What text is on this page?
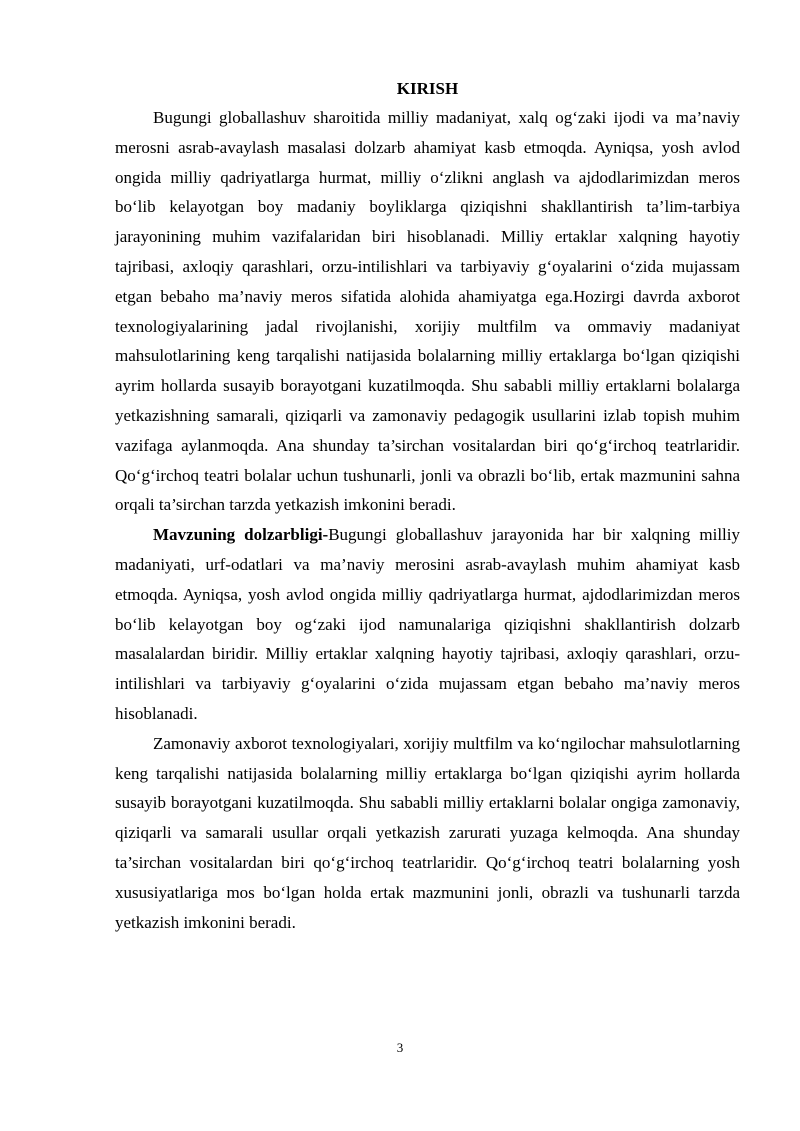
KIRISH

Bugungi globallashuv sharoitida milliy madaniyat, xalq og‘zaki ijodi va ma’naviy merosni asrab-avaylash masalasi dolzarb ahamiyat kasb etmoqda. Ayniqsa, yosh avlod ongida milliy qadriyatlarga hurmat, milliy o‘zlikni anglash va ajdodlarimizdan meros bo‘lib kelayotgan boy madaniy boyliklarga qiziqishni shakllantirish ta’lim-tarbiya jarayonining muhim vazifalaridan biri hisoblanadi. Milliy ertaklar xalqning hayotiy tajribasi, axloqiy qarashlari, orzu-intilishlari va tarbiyaviy g‘oyalarini o‘zida mujassam etgan bebaho ma’naviy meros sifatida alohida ahamiyatga ega.Hozirgi davrda axborot texnologiyalarining jadal rivojlanishi, xorijiy multfilm va ommaviy madaniyat mahsulotlarining keng tarqalishi natijasida bolalarning milliy ertaklarga bo‘lgan qiziqishi ayrim hollarda susayib borayotgani kuzatilmoqda. Shu sababli milliy ertaklarni bolalarga yetkazishning samarali, qiziqarli va zamonaviy pedagogik usullarini izlab topish muhim vazifaga aylanmoqda. Ana shunday ta’sirchan vositalardan biri qo‘g‘irchoq teatrlaridir. Qo‘g‘irchoq teatri bolalar uchun tushunarli, jonli va obrazli bo‘lib, ertak mazmunini sahna orqali ta’sirchan tarzda yetkazish imkonini beradi.

Mavzuning dolzarbligi-Bugungi globallashuv jarayonida har bir xalqning milliy madaniyati, urf-odatlari va ma’naviy merosini asrab-avaylash muhim ahamiyat kasb etmoqda. Ayniqsa, yosh avlod ongida milliy qadriyatlarga hurmat, ajdodlarimizdan meros bo‘lib kelayotgan boy og‘zaki ijod namunalariga qiziqishni shakllantirish dolzarb masalalardan biridir. Milliy ertaklar xalqning hayotiy tajribasi, axloqiy qarashlari, orzu-intilishlari va tarbiyaviy g‘oyalarini o‘zida mujassam etgan bebaho ma’naviy meros hisoblanadi.

Zamonaviy axborot texnologiyalari, xorijiy multfilm va ko‘ngilochar mahsulotlarning keng tarqalishi natijasida bolalarning milliy ertaklarga bo‘lgan qiziqishi ayrim hollarda susayib borayotgani kuzatilmoqda. Shu sababli milliy ertaklarni bolalar ongiga zamonaviy, qiziqarli va samarali usullar orqali yetkazish zarurati yuzaga kelmoqda. Ana shunday ta’sirchan vositalardan biri qo‘g‘irchoq teatrlaridir. Qo‘g‘irchoq teatri bolalarning yosh xususiyatlariga mos bo‘lgan holda ertak mazmunini jonli, obrazli va tushunarli tarzda yetkazish imkonini beradi.

3
